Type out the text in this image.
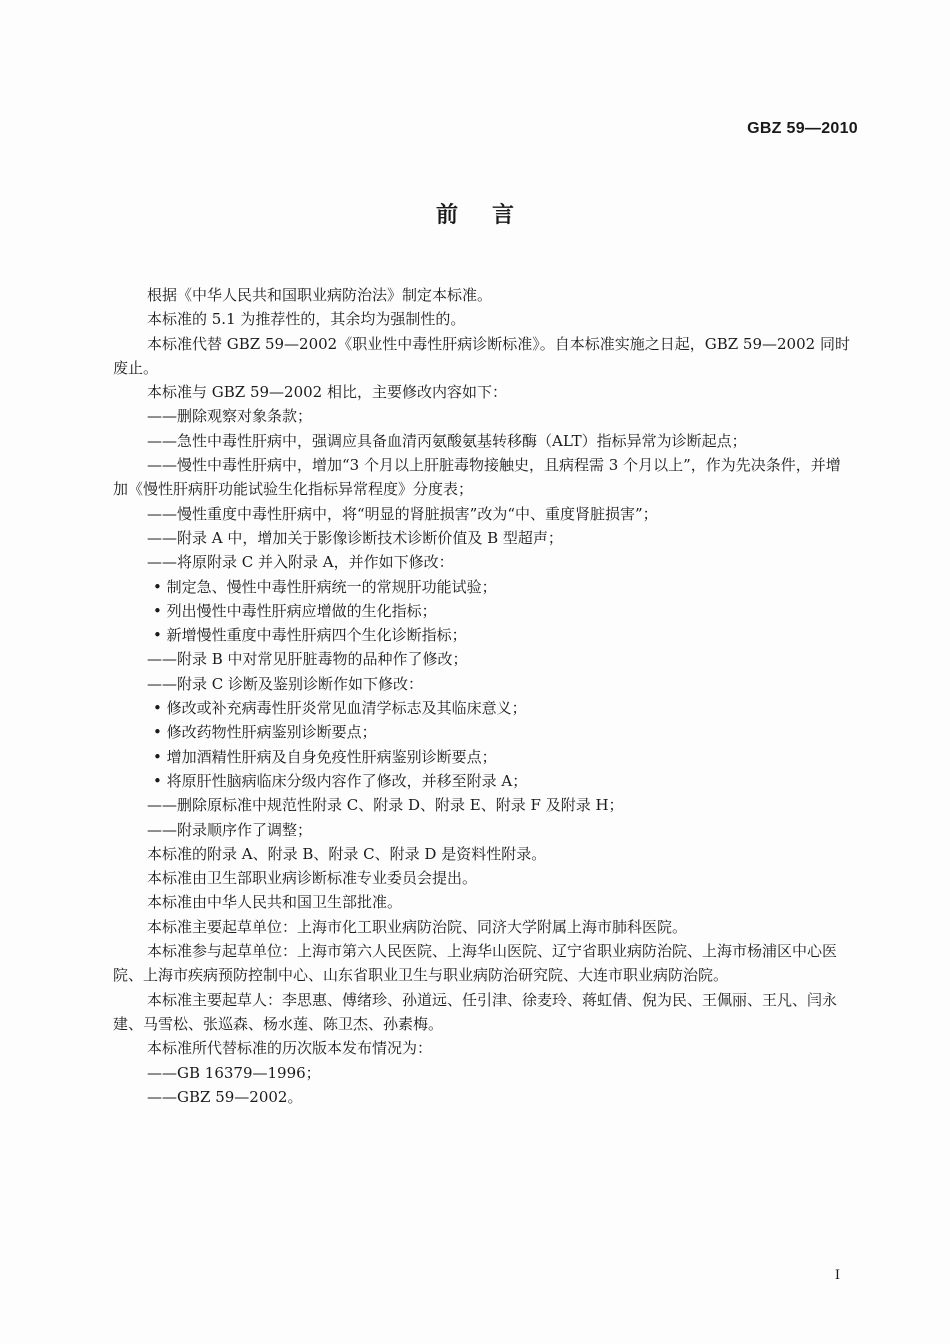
GBZ 59—2010
前言

根据《中华人民共和国职业病防治法》制定本标准。

本标准的 5.1 为推荐性的，其余均为强制性的。

本标准代替 GBZ 59—2002《职业性中毒性肝病诊断标准》。自本标准实施之日起，GBZ 59—2002 同时废止。

本标准与 GBZ 59—2002 相比，主要修改内容如下：

——删除观察对象条款；

——急性中毒性肝病中，强调应具备血清丙氨酸氨基转移酶（ALT）指标异常为诊断起点；

——慢性中毒性肝病中，增加“3 个月以上肝脏毒物接触史，且病程需 3 个月以上”，作为先决条件，并增加《慢性肝病肝功能试验生化指标异常程度》分度表；

——慢性重度中毒性肝病中，将“明显的肾脏损害”改为“中、重度肾脏损害”；

——附录 A 中，增加关于影像诊断技术诊断价值及 B 型超声；

——将原附录 C 并入附录 A，并作如下修改：

• 制定急、慢性中毒性肝病统一的常规肝功能试验；

• 列出慢性中毒性肝病应增做的生化指标；

• 新增慢性重度中毒性肝病四个生化诊断指标；

——附录 B 中对常见肝脏毒物的品种作了修改；

——附录 C 诊断及鉴别诊断作如下修改：

• 修改或补充病毒性肝炎常见血清学标志及其临床意义；

• 修改药物性肝病鉴别诊断要点；

• 增加酒精性肝病及自身免疫性肝病鉴别诊断要点；

• 将原肝性脑病临床分级内容作了修改，并移至附录 A；

——删除原标准中规范性附录 C、附录 D、附录 E、附录 F 及附录 H；

——附录顺序作了调整；

本标准的附录 A、附录 B、附录 C、附录 D 是资料性附录。

本标准由卫生部职业病诊断标准专业委员会提出。

本标准由中华人民共和国卫生部批准。

本标准主要起草单位：上海市化工职业病防治院、同济大学附属上海市肺科医院。

本标准参与起草单位：上海市第六人民医院、上海华山医院、辽宁省职业病防治院、上海市杨浦区中心医院、上海市疾病预防控制中心、山东省职业卫生与职业病防治研究院、大连市职业病防治院。

本标准主要起草人：李思惠、傅绪珍、孙道远、任引津、徐麦玲、蒋虹倩、倪为民、王佩丽、王凡、闫永建、马雪松、张巡森、杨水莲、陈卫杰、孙素梅。

本标准所代替标准的历次版本发布情况为：

——GB 16379—1996；

——GBZ 59—2002。

I
